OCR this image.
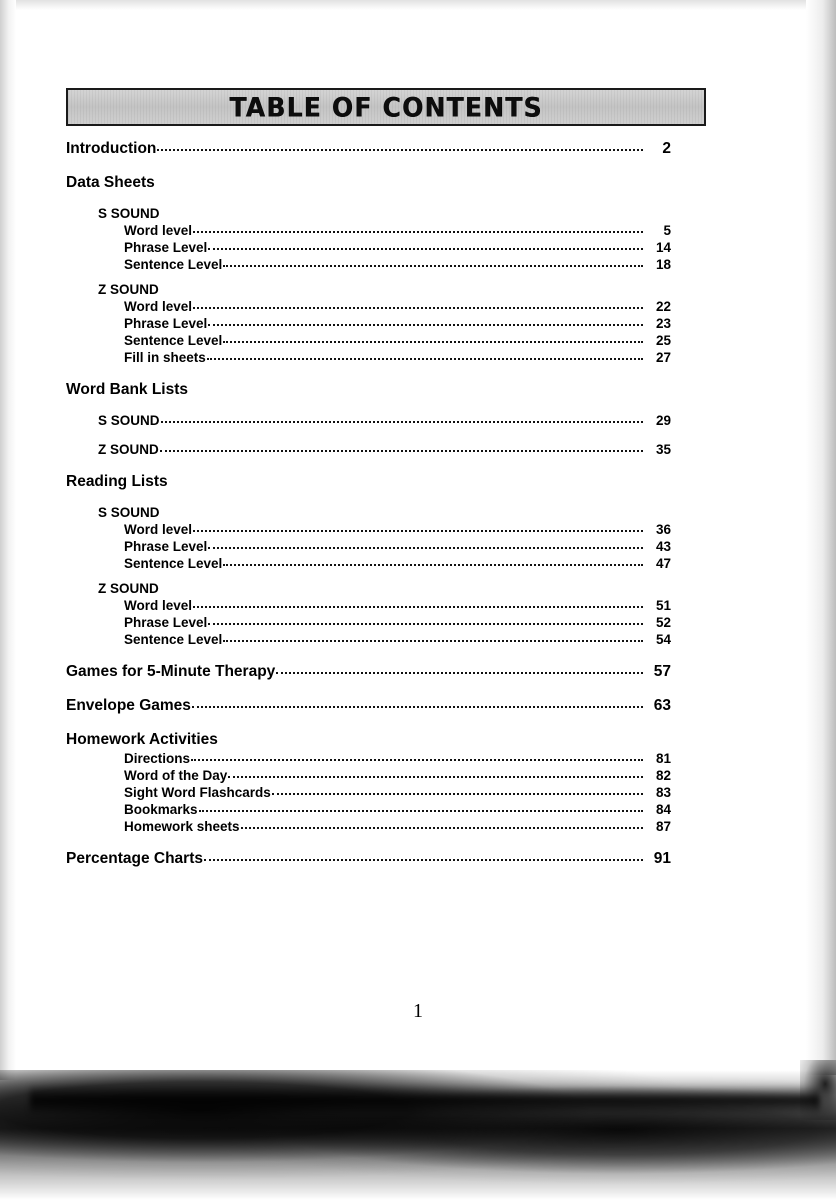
TABLE OF CONTENTS
Introduction	2
Data Sheets
S SOUND
Word level	5
Phrase Level	14
Sentence Level	18
Z SOUND
Word level	22
Phrase Level	23
Sentence Level	25
Fill in sheets	27
Word Bank Lists
S SOUND	29
Z SOUND	35
Reading Lists
S SOUND
Word level	36
Phrase Level	43
Sentence Level	47
Z SOUND
Word level	51
Phrase Level	52
Sentence Level	54
Games for 5-Minute Therapy	57
Envelope Games	63
Homework Activities
Directions	81
Word of the Day	82
Sight Word Flashcards	83
Bookmarks	84
Homework sheets	87
Percentage Charts	91
1
